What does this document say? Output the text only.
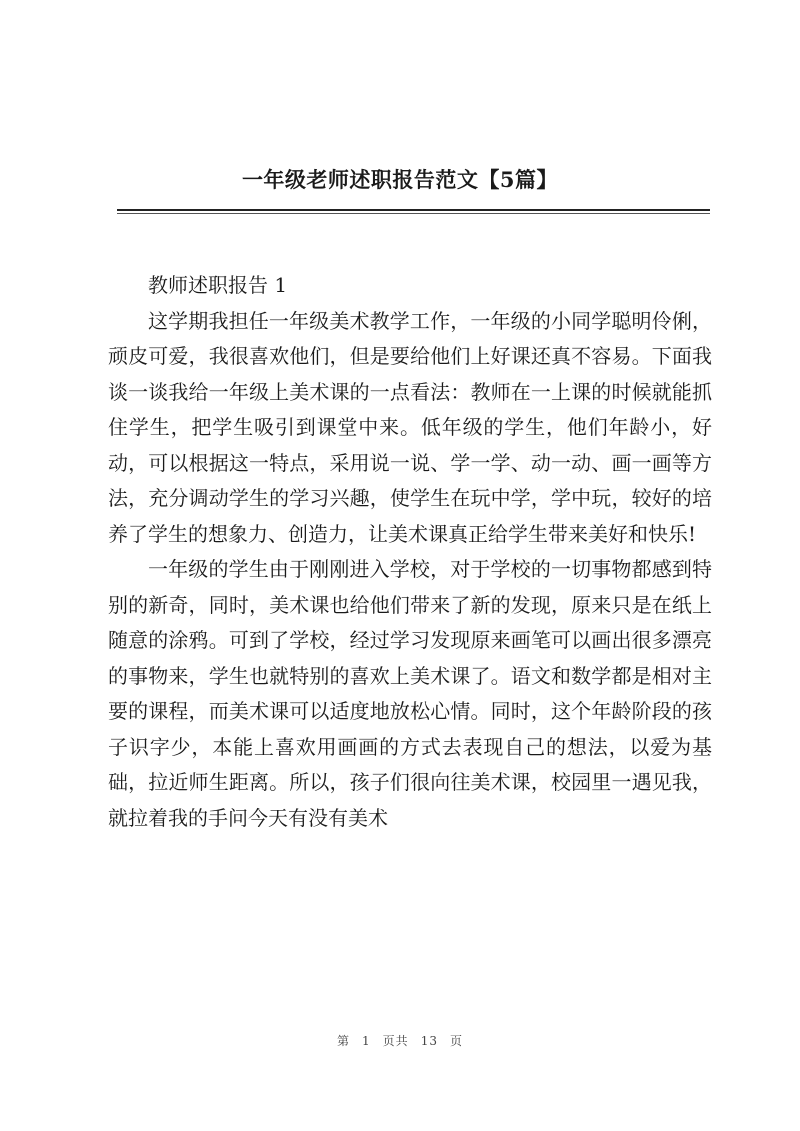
一年级老师述职报告范文【5篇】

教师述职报告 1

这学期我担任一年级美术教学工作，一年级的小同学聪明伶俐，顽皮可爱，我很喜欢他们，但是要给他们上好课还真不容易。下面我谈一谈我给一年级上美术课的一点看法：教师在一上课的时候就能抓住学生，把学生吸引到课堂中来。低年级的学生，他们年龄小，好动，可以根据这一特点，采用说一说、学一学、动一动、画一画等方法，充分调动学生的学习兴趣，使学生在玩中学，学中玩，较好的培养了学生的想象力、创造力，让美术课真正给学生带来美好和快乐!

一年级的学生由于刚刚进入学校，对于学校的一切事物都感到特别的新奇，同时，美术课也给他们带来了新的发现，原来只是在纸上随意的涂鸦。可到了学校，经过学习发现原来画笔可以画出很多漂亮的事物来，学生也就特别的喜欢上美术课了。语文和数学都是相对主要的课程，而美术课可以适度地放松心情。同时，这个年龄阶段的孩子识字少，本能上喜欢用画画的方式去表现自己的想法，以爱为基础，拉近师生距离。所以，孩子们很向往美术课，校园里一遇见我，就拉着我的手问今天有没有美术

第 1 页共 13 页
